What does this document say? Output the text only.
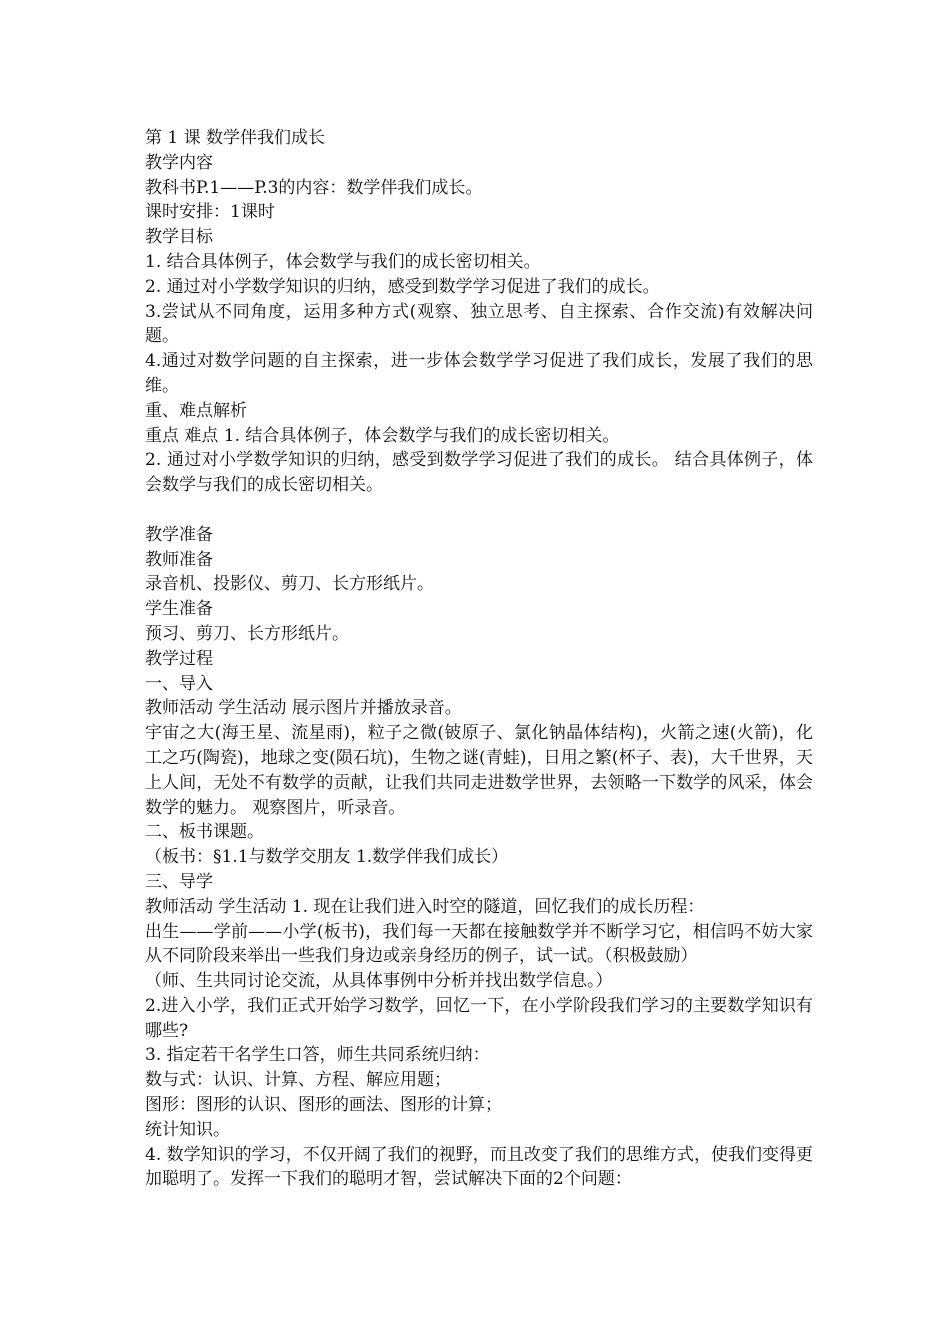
第 1 课 数学伴我们成长

教学内容

教科书P.1——P.3的内容：数学伴我们成长。

课时安排：1课时

教学目标

1. 结合具体例子，体会数学与我们的成长密切相关。

2. 通过对小学数学知识的归纳，感受到数学学习促进了我们的成长。

3.尝试从不同角度，运用多种方式(观察、独立思考、自主探索、合作交流)有效解决问题。

4.通过对数学问题的自主探索，进一步体会数学学习促进了我们成长，发展了我们的思维。

重、难点解析

重点 难点 1. 结合具体例子，体会数学与我们的成长密切相关。

2. 通过对小学数学知识的归纳，感受到数学学习促进了我们的成长。 结合具体例子，体会数学与我们的成长密切相关。

教学准备

教师准备

录音机、投影仪、剪刀、长方形纸片。

学生准备

预习、剪刀、长方形纸片。

教学过程

一、导入

教师活动 学生活动 展示图片并播放录音。

宇宙之大(海王星、流星雨)，粒子之微(铍原子、氯化钠晶体结构)，火箭之速(火箭)，化工之巧(陶瓷)，地球之变(陨石坑)，生物之谜(青蛙)，日用之繁(杯子、表)，大千世界，天上人间，无处不有数学的贡献，让我们共同走进数学世界，去领略一下数学的风采，体会数学的魅力。 观察图片，听录音。

二、板书课题。

（板书：§1.1与数学交朋友 1.数学伴我们成长）

三、导学

教师活动 学生活动 1. 现在让我们进入时空的隧道，回忆我们的成长历程：

出生——学前——小学(板书)，我们每一天都在接触数学并不断学习它，相信吗不妨大家从不同阶段来举出一些我们身边或亲身经历的例子，试一试。（积极鼓励）

（师、生共同讨论交流，从具体事例中分析并找出数学信息。）

2.进入小学，我们正式开始学习数学，回忆一下，在小学阶段我们学习的主要数学知识有哪些?

3. 指定若干名学生口答，师生共同系统归纳：

数与式：认识、计算、方程、解应用题；

图形：图形的认识、图形的画法、图形的计算；

统计知识。

4. 数学知识的学习，不仅开阔了我们的视野，而且改变了我们的思维方式，使我们变得更加聪明了。发挥一下我们的聪明才智，尝试解决下面的2个问题：
